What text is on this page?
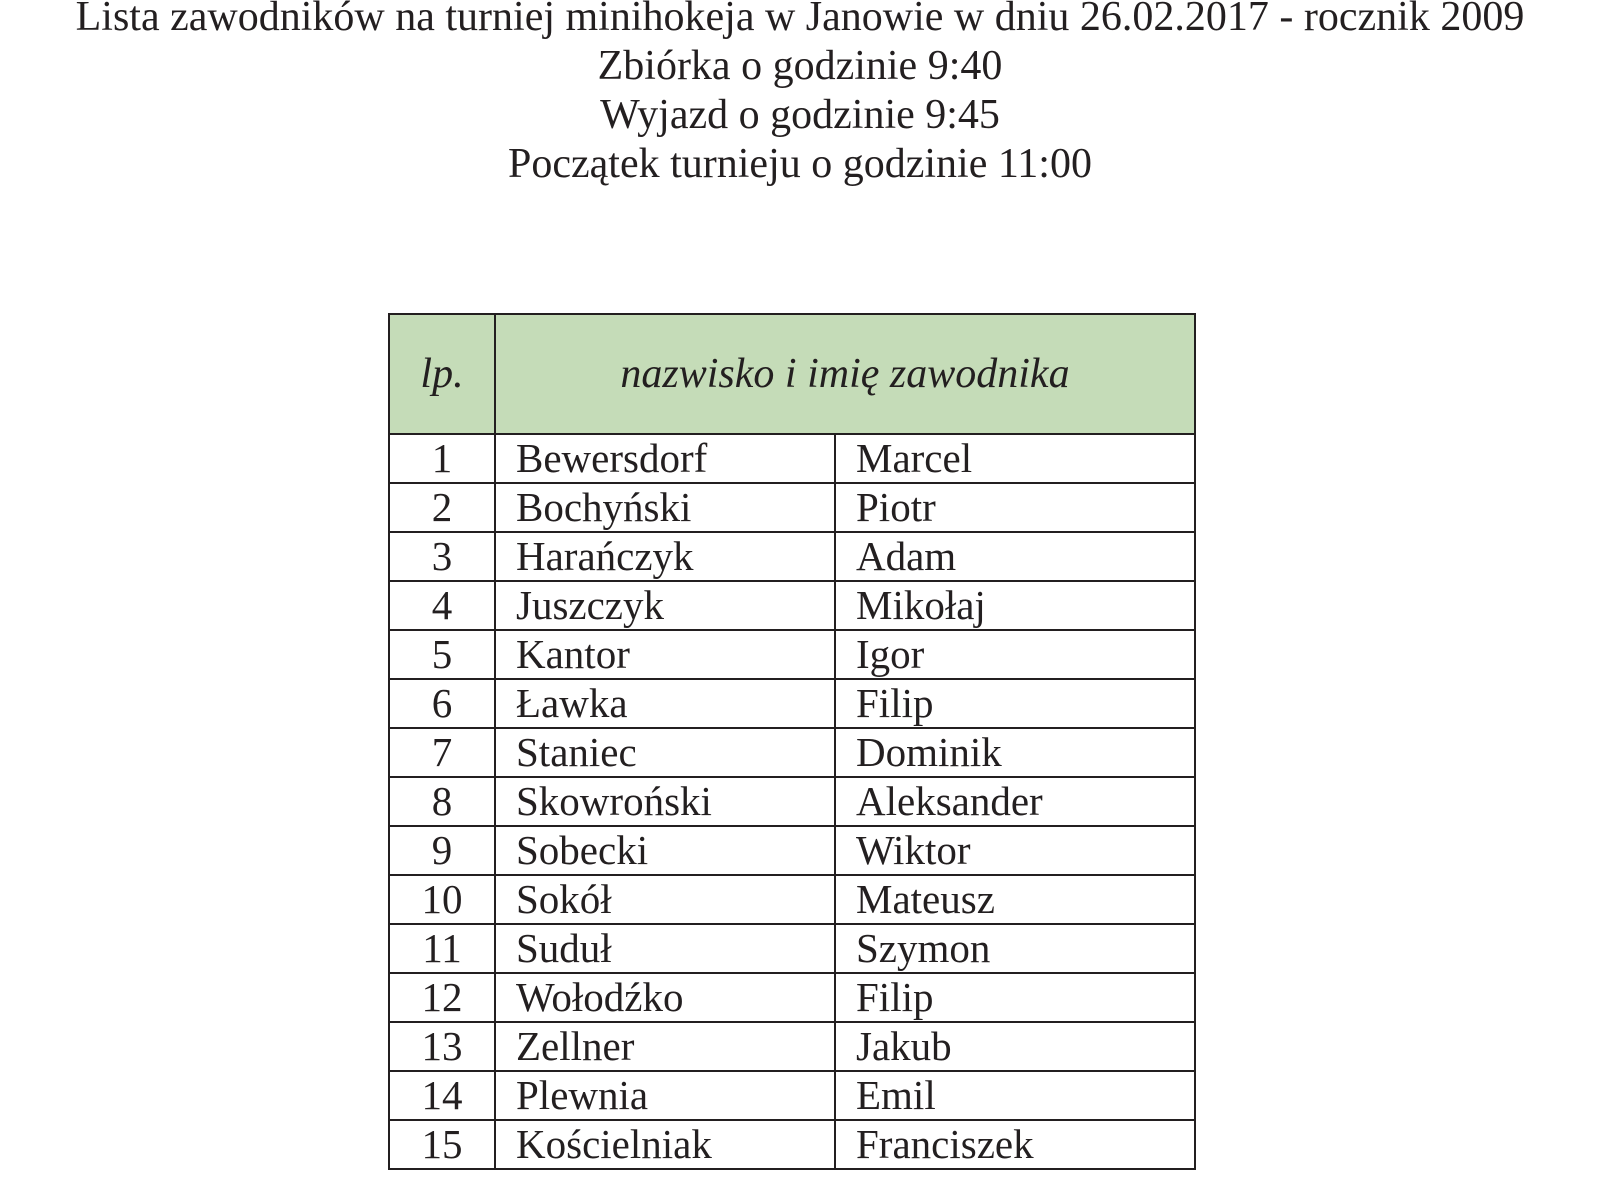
Lista zawodników na turniej minihokeja w Janowie w dniu 26.02.2017 - rocznik 2009
Zbiórka o godzinie 9:40
Wyjazd o godzinie 9:45
Początek turnieju o godzinie 11:00
lp.	nazwisko i imię zawodnika	
1	Bewersdorf	Marcel
2	Bochyński	Piotr
3	Harańczyk	Adam
4	Juszczyk	Mikołaj
5	Kantor	Igor
6	Ławka	Filip
7	Staniec	Dominik
8	Skowroński	Aleksander
9	Sobecki	Wiktor
10	Sokół	Mateusz
11	Suduł	Szymon
12	Wołodźko	Filip
13	Zellner	Jakub
14	Plewnia	Emil
15	Kościelniak	Franciszek
